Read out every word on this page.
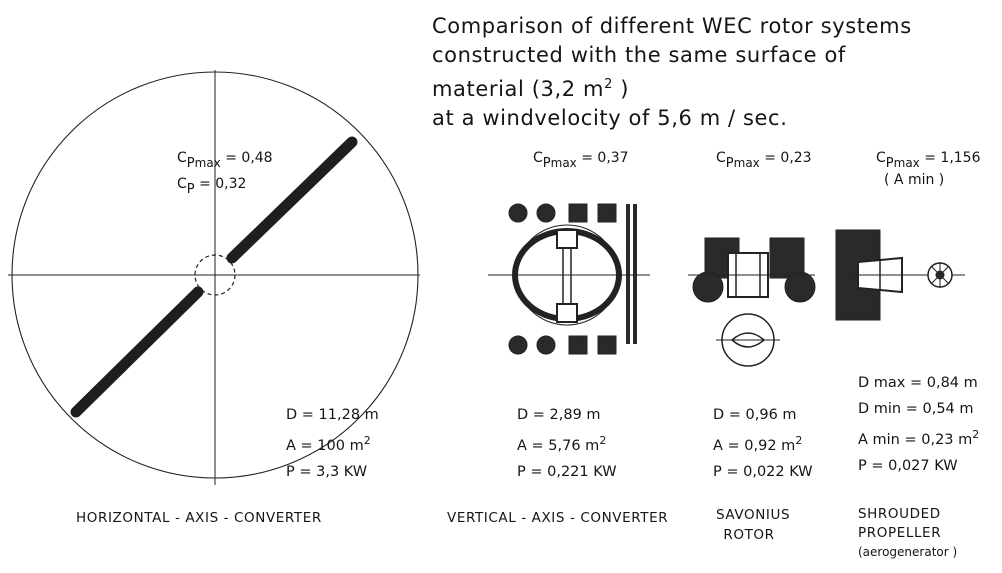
Comparison of different WEC rotor systems
constructed with the same surface of
material (3,2 $m^2$ )
at a windvelocity of 5,6 m / sec.
$C_{Pmax} = 0,48$
$C_P = 0,32$
$C_{Pmax} = 0,37$	$C_{Pmax} = 0,23$	$C_{Pmax} = 1,156$
( A min )
D = 11,28 m
A = 100 $m^2$
P = 3,3 KW
D = 2,89 m
A = 5,76 $m^2$
P = 0,221 KW
D = 0,96 m
A = 0,92 $m^2$
P = 0,022 KW
D max = 0,84 m
D min = 0,54 m
A min = 0,23 $m^2$
P = 0,027 KW
HORIZONTAL - AXIS - CONVERTER	VERTICAL - AXIS - CONVERTER	SAVONIUS
ROTOR
SHROUDED
PROPELLER
(aerogenerator )
